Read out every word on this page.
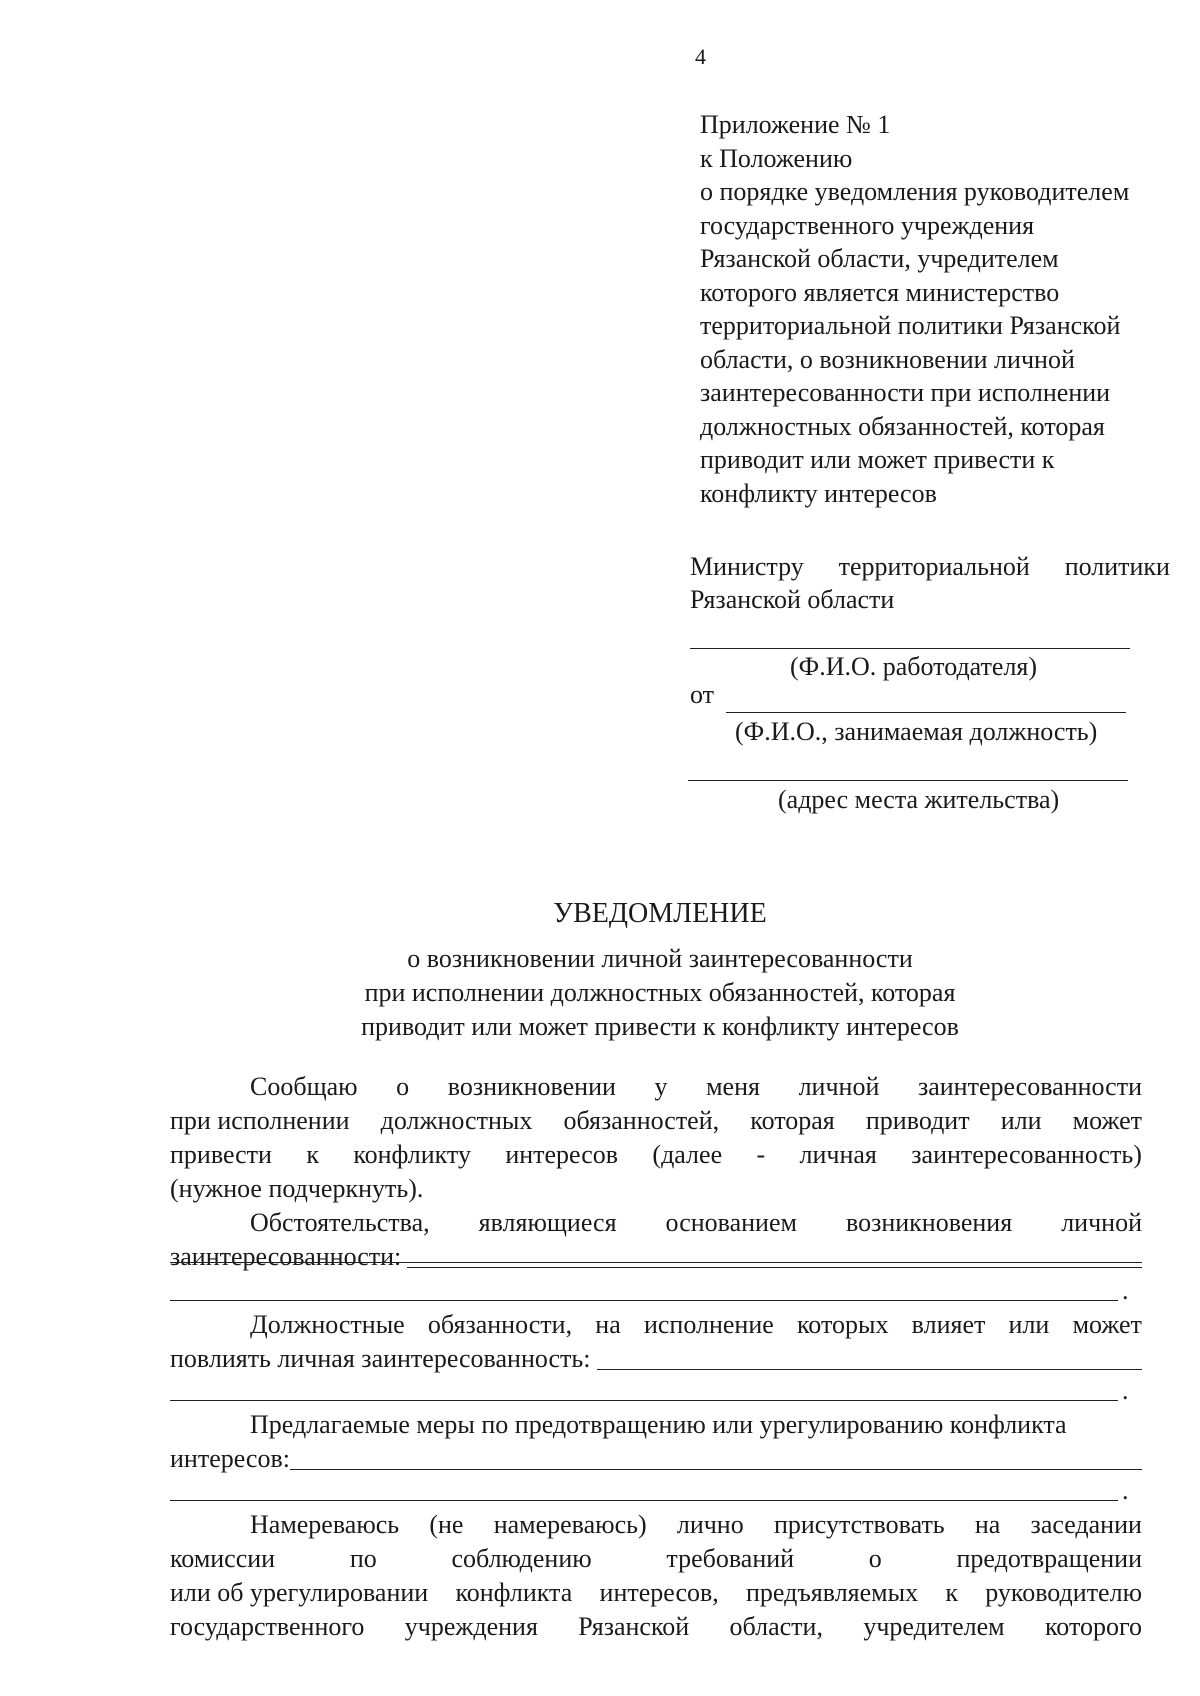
4
Приложение № 1
к Положению
о порядке уведомления руководителем
государственного учреждения
Рязанской области, учредителем
которого является министерство
территориальной политики Рязанской
области, о возникновении личной
заинтересованности при исполнении
должностных обязанностей, которая
приводит или может привести к
конфликту интересов
Министру территориальной политики
Рязанской области
(Ф.И.О. работодателя)
от
(Ф.И.О., занимаемая должность)
(адрес места жительства)
УВЕДОМЛЕНИЕ
о возникновении личной заинтересованности
при исполнении должностных обязанностей, которая
приводит или может привести к конфликту интересов
Сообщаю о возникновении у меня личной заинтересованности
при исполнении должностных обязанностей, которая приводит или может
привести к конфликту интересов (далее - личная заинтересованность)
(нужное подчеркнуть).
Обстоятельства, являющиеся основанием возникновения личной
заинтересованности:
.
Должностные обязанности, на исполнение которых влияет или может
повлиять личная заинтересованность:
.
Предлагаемые меры по предотвращению или урегулированию конфликта
интересов:
.
Намереваюсь (не намереваюсь) лично присутствовать на заседании
комиссии	по	соблюдению	требований	о	предотвращении
или об урегулировании конфликта интересов, предъявляемых к руководителю
государственного учреждения Рязанской области, учредителем которого
